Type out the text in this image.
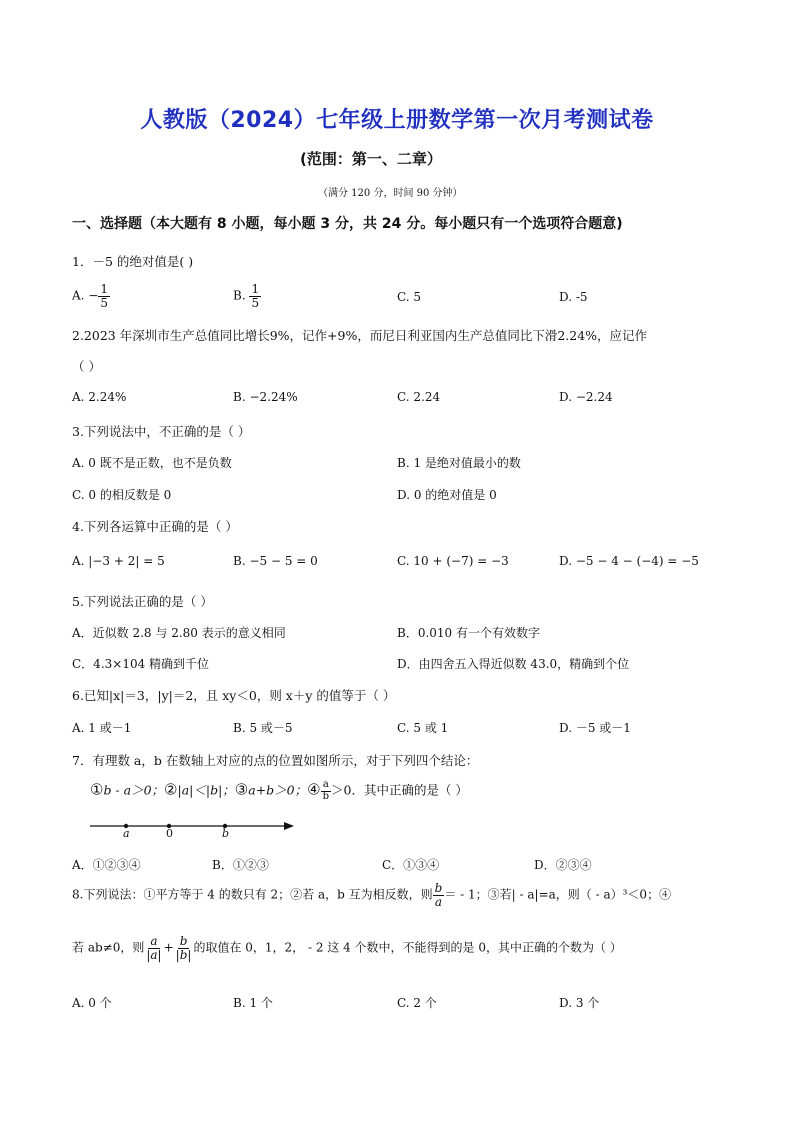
人教版（2024）七年级上册数学第一次月考测试卷
(范围：第一、二章）
（满分 120 分，时间 90 分钟）
一、选择题（本大题有 8 小题，每小题 3 分，共 24 分。每小题只有一个选项符合题意)
1．－5 的绝对值是( )
A. − $\frac{1}{5}$	B. $\frac{1}{5}$	C. 5	D. -5
2.2023 年深圳市生产总值同比增长9%，记作+9%，而尼日利亚国内生产总值同比下滑2.24%，应记作
（ ）
A. 2.24%	B. −2.24%	C. 2.24	D. −2.24
3.下列说法中，不正确的是（ ）
A. 0 既不是正数，也不是负数	B. 1 是绝对值最小的数
C. 0 的相反数是 0	D. 0 的绝对值是 0
4.下列各运算中正确的是（ ）
A. |−3 + 2| = 5	B. −5 − 5 = 0	C. 10 + (−7) = −3	D. −5 − 4 − (−4) = −5
5.下列说法正确的是（ ）
A．近似数 2.8 与 2.80 表示的意义相同	B．0.010 有一个有效数字
C．4.3×104 精确到千位	D．由四舍五入得近似数 43.0，精确到个位
6.已知|x|＝3，|y|＝2，且 xy＜0，则 x＋y 的值等于（ ）
A. 1 或－1	B. 5 或－5	C. 5 或 1	D. －5 或－1
7．有理数 a，b 在数轴上对应的点的位置如图所示，对于下列四个结论：
①b - a＞0；②|a|＜|b|；③a+b＞0；④ $\frac{a}{b} >0$．其中正确的是（ ）
a	0	b
A．①②③④	B．①②③	C．①③④	D．②③④
8.下列说法：①平方等于 4 的数只有 2；②若 a，b 互为相反数，则 $\frac{b}{a}$ ＝ - 1；③若| - a|=a，则（ - a）³＜0；④
若 ab≠0，则 $\frac{a}{|a|} + \frac{b}{|b|}$ 的取值在 0，1，2， - 2 这 4 个数中，不能得到的是 0，其中正确的个数为（ ）
A. 0 个	B. 1 个	C. 2 个	D. 3 个
